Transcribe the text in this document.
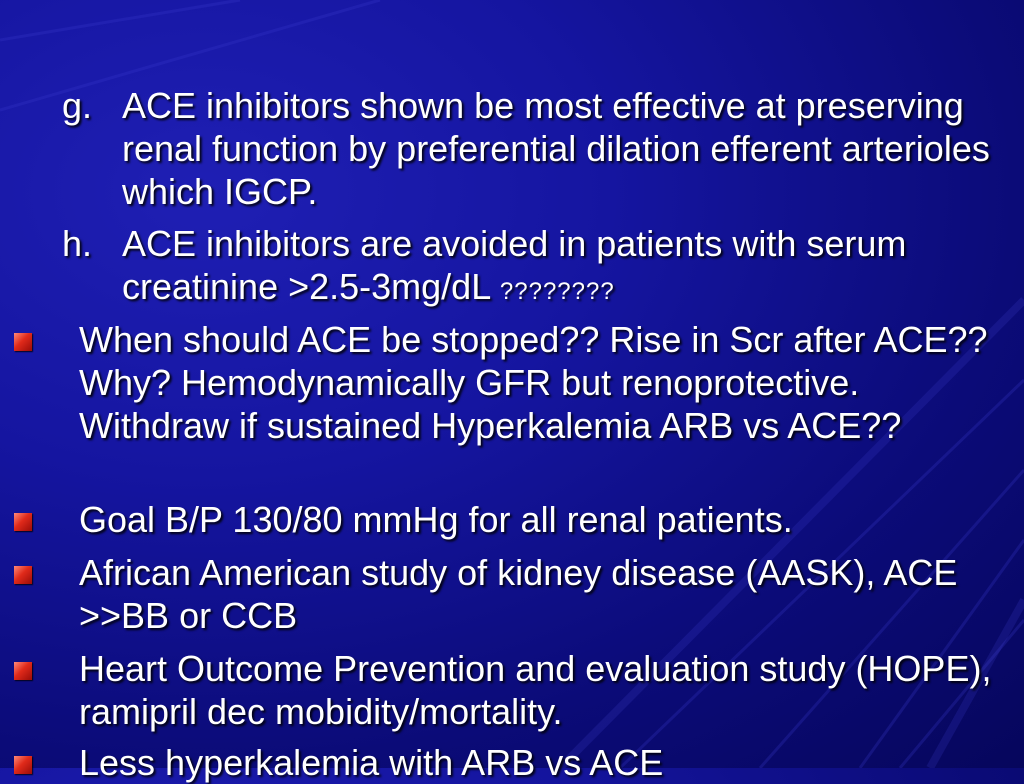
g. ACE inhibitors shown be most effective at preserving renal function by preferential dilation efferent arterioles which IGCP.

h. ACE inhibitors are avoided in patients with serum creatinine >2.5-3mg/dL ????????

When should ACE be stopped?? Rise in Scr after ACE?? Why? Hemodynamically GFR but renoprotective. Withdraw if sustained Hyperkalemia ARB vs ACE??

Goal B/P 130/80 mmHg for all renal patients.

African American study of kidney disease (AASK), ACE >>BB or CCB

Heart Outcome Prevention and evaluation study (HOPE), ramipril dec mobidity/mortality.

Less hyperkalemia with ARB vs ACE
